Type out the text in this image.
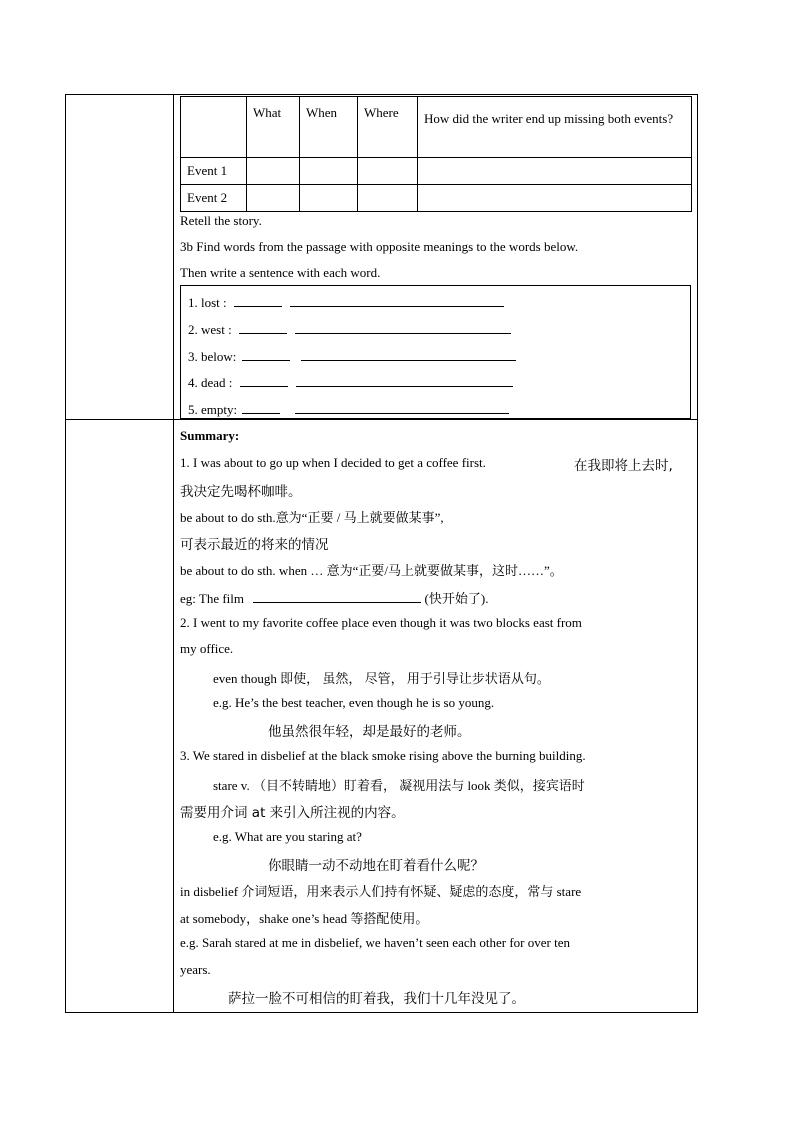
	What	When	Where	How did the writer end up missing both events?
Event 1				
Event 2				
Retell the story.
3b Find words from the passage with opposite meanings to the words below.
Then write a sentence with each word.
1. lost :
2. west :
3. below:
4. dead :
5. empty:
Summary:
1. I was about to go up when I decided to get a coffee first.	在我即将上去时,
我决定先喝杯咖啡。
be about to do sth.意为“正要 / 马上就要做某事”,
可表示最近的将来的情况
be about to do sth. when … 意为“正要/马上就要做某事，这时……”。
eg: The film	(快开始了).
2. I went to my favorite coffee place even though it was two blocks east from
my office.
even though 即使， 虽然， 尽管， 用于引导让步状语从句。
e.g. He’s the best teacher, even though he is so young.
他虽然很年轻，却是最好的老师。
3. We stared in disbelief at the black smoke rising above the burning building.
stare v. （目不转睛地）盯着看， 凝视用法与 look 类似，接宾语时
需要用介词 at 来引入所注视的内容。
e.g. What are you staring at?
你眼睛一动不动地在盯着看什么呢？
in disbelief 介词短语，用来表示人们持有怀疑、疑虑的态度，常与 stare
at somebody，shake one’s head 等搭配使用。
e.g. Sarah stared at me in disbelief, we haven’t seen each other for over ten
years.
萨拉一脸不可相信的盯着我，我们十几年没见了。
